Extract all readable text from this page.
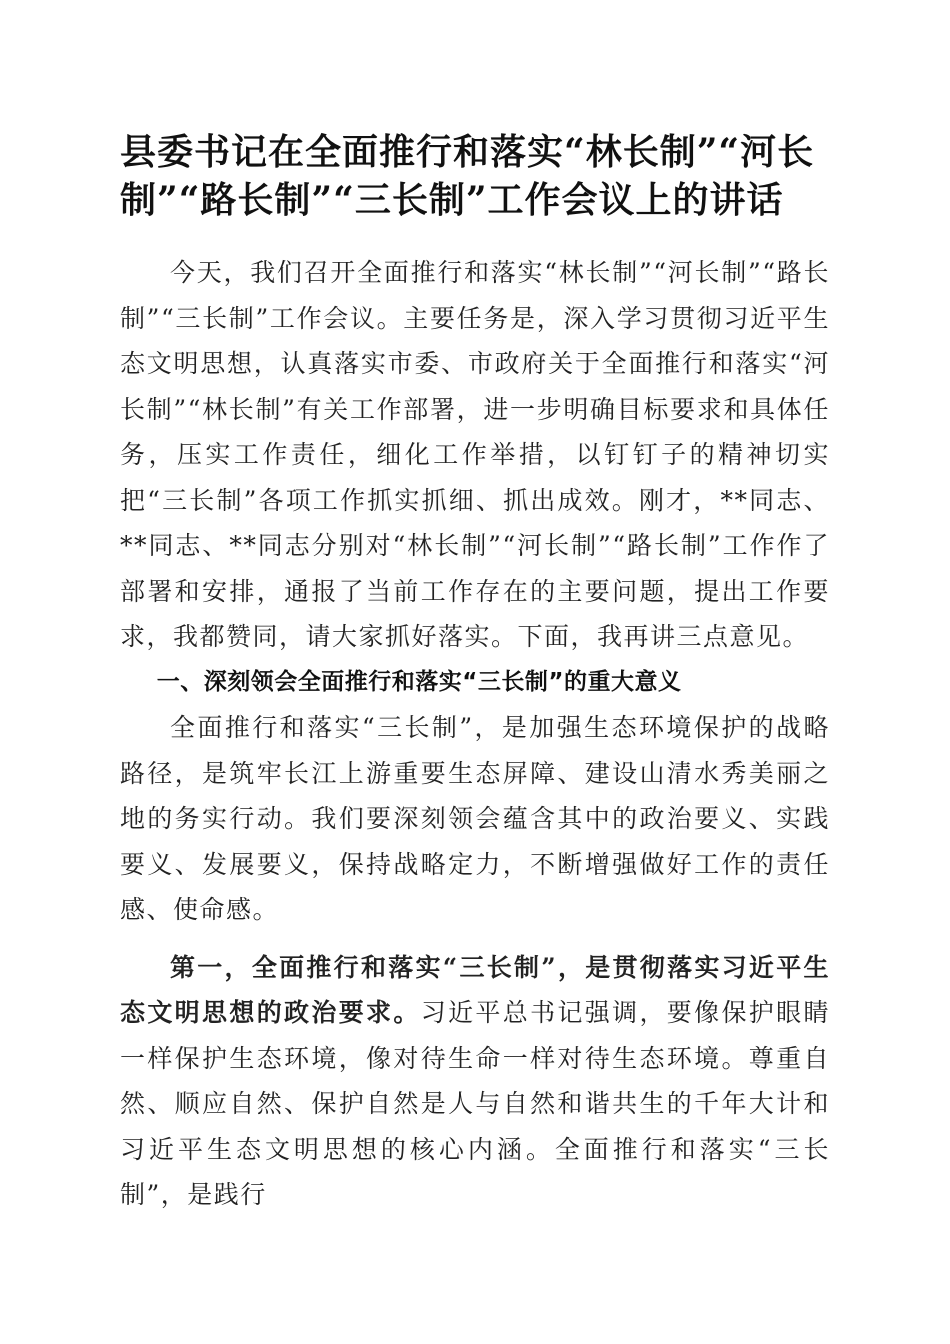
县委书记在全面推行和落实“林长制”“河长制”“路长制”“三长制”工作会议上的讲话

今天，我们召开全面推行和落实“林长制”“河长制”“路长制”“三长制”工作会议。主要任务是，深入学习贯彻习近平生态文明思想，认真落实市委、市政府关于全面推行和落实“河长制”“林长制”有关工作部署，进一步明确目标要求和具体任务，压实工作责任，细化工作举措，以钉钉子的精神切实把“三长制”各项工作抓实抓细、抓出成效。刚才，**同志、**同志、**同志分别对“林长制”“河长制”“路长制”工作作了部署和安排，通报了当前工作存在的主要问题，提出工作要求，我都赞同，请大家抓好落实。下面，我再讲三点意见。

一、深刻领会全面推行和落实“三长制”的重大意义

全面推行和落实“三长制”，是加强生态环境保护的战略路径，是筑牢长江上游重要生态屏障、建设山清水秀美丽之地的务实行动。我们要深刻领会蕴含其中的政治要义、实践要义、发展要义，保持战略定力，不断增强做好工作的责任感、使命感。

第一，全面推行和落实“三长制”，是贯彻落实习近平生态文明思想的政治要求。习近平总书记强调，要像保护眼睛一样保护生态环境，像对待生命一样对待生态环境。尊重自然、顺应自然、保护自然是人与自然和谐共生的千年大计和习近平生态文明思想的核心内涵。全面推行和落实“三长制”，是践行
